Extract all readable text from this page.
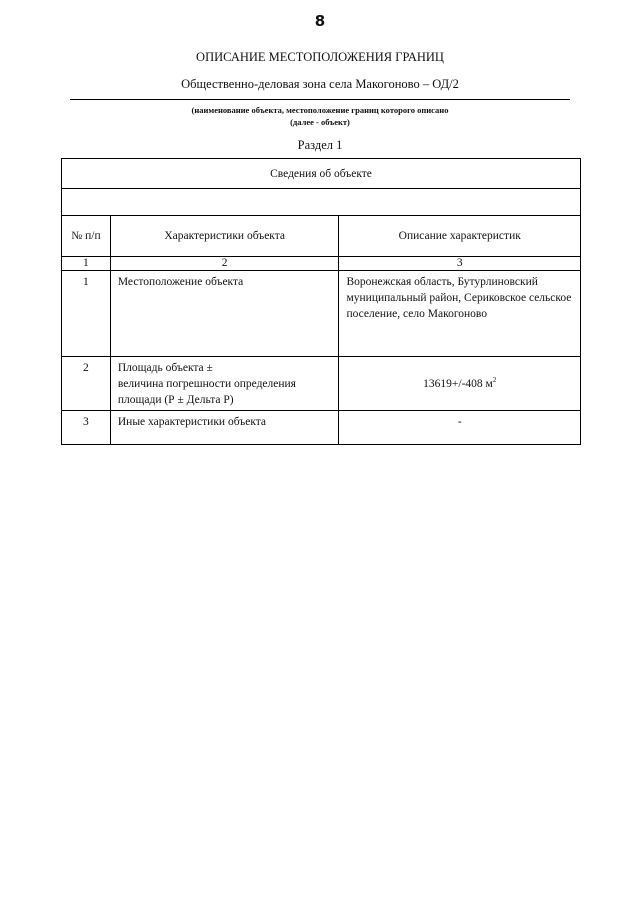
8
ОПИСАНИЕ МЕСТОПОЛОЖЕНИЯ ГРАНИЦ
Общественно-деловая зона села Макогоново – ОД/2
(наименование объекта, местоположение границ которого описано
(далее - объект)
Раздел 1
Сведения об объекте		

№ п/п	Характеристики объекта	Описание характеристик
1	2	3
1	Местоположение объекта	Воронежская область, Бутурлиновский муниципальный район, Сериковское сельское поселение, село Макогоново
2	Площадь объекта ±
величина погрешности определения площади (Р ± Дельта Р)	13619+/-408 $м^2$
3	Иные характеристики объекта	-
